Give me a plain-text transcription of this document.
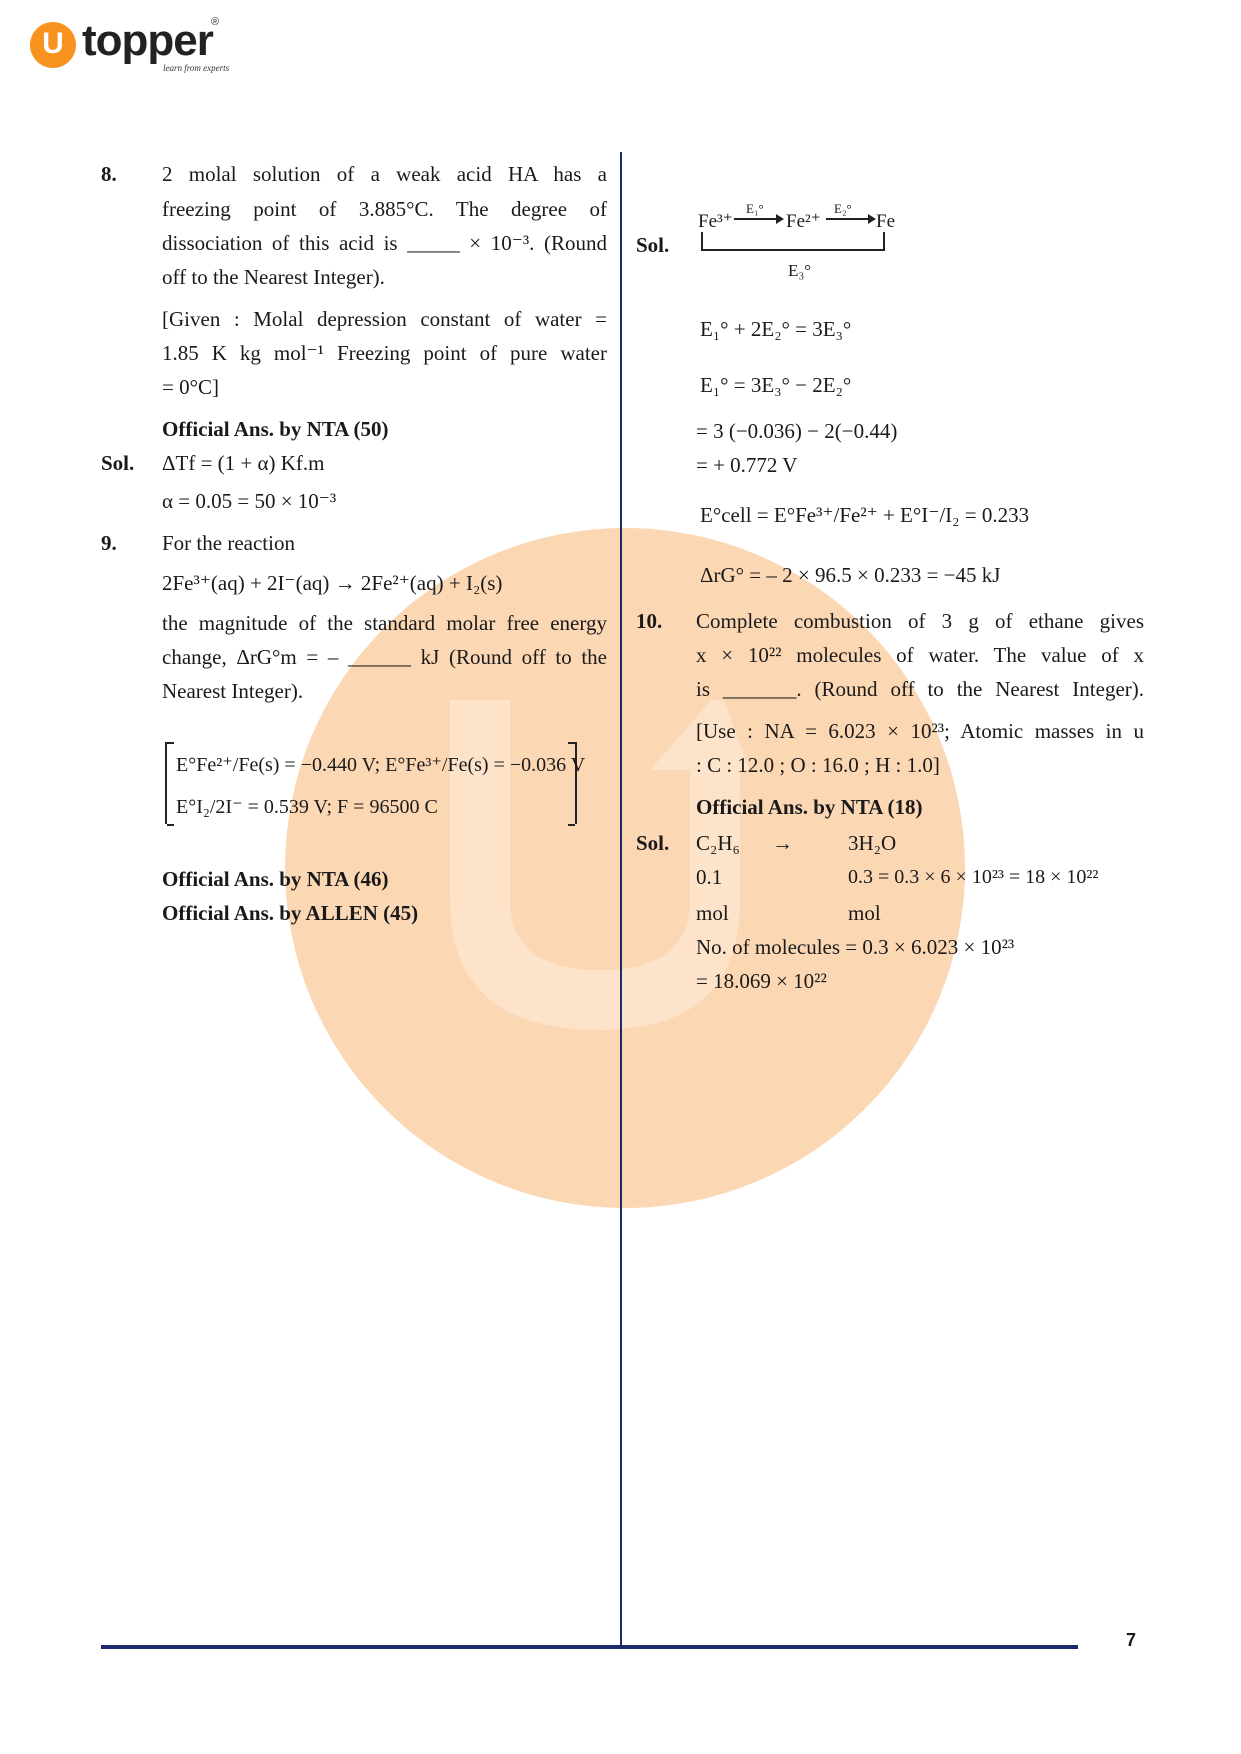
U topper
®
learn from experts
8. 2 molal solution of a weak acid HA has a
freezing point of 3.885°C. The degree of
dissociation of this acid is _____ × 10⁻³. (Round
off to the Nearest Integer).
[Given : Molal depression constant of water =
1.85 K kg mol⁻¹ Freezing point of pure water
= 0°C]
Official Ans. by NTA (50)
Sol. ΔTf = (1 + α) Kf.m
α = 0.05 = 50 × 10⁻³
9. For the reaction
2Fe³⁺(aq) + 2I⁻(aq) → 2Fe²⁺(aq) + I₂(s)
the magnitude of the standard molar free energy
change, ΔrG°m = – ______ kJ (Round off to the
Nearest Integer).
E°Fe²⁺/Fe(s) = −0.440 V; E°Fe³⁺/Fe(s) = −0.036 V
E°I₂/2I⁻ = 0.539 V; F = 96500 C
Official Ans. by NTA (46)
Official Ans. by ALLEN (45)
Sol.
Fe³⁺
E₁°
Fe²⁺
E₂°
Fe
E₃°
E₁° + 2E₂° = 3E₃°
E₁° = 3E₃° − 2E₂°
= 3 (−0.036) − 2(−0.44)
= + 0.772 V
E°cell = E°Fe³⁺/Fe²⁺ + E°I⁻/I₂ = 0.233
ΔrG° = – 2 × 96.5 × 0.233 = −45 kJ
10. Complete combustion of 3 g of ethane gives
x × 10²² molecules of water. The value of x
is _______. (Round off to the Nearest Integer).
[Use : NA = 6.023 × 10²³; Atomic masses in u
: C : 12.0 ; O : 16.0 ; H : 1.0]
Official Ans. by NTA (18)
Sol. C₂H₆ →	3H₂O
0.1	0.3 = 0.3 × 6 × 10²³ = 18 × 10²²
mol	mol
No. of molecules = 0.3 × 6.023 × 10²³
= 18.069 × 10²²
7
